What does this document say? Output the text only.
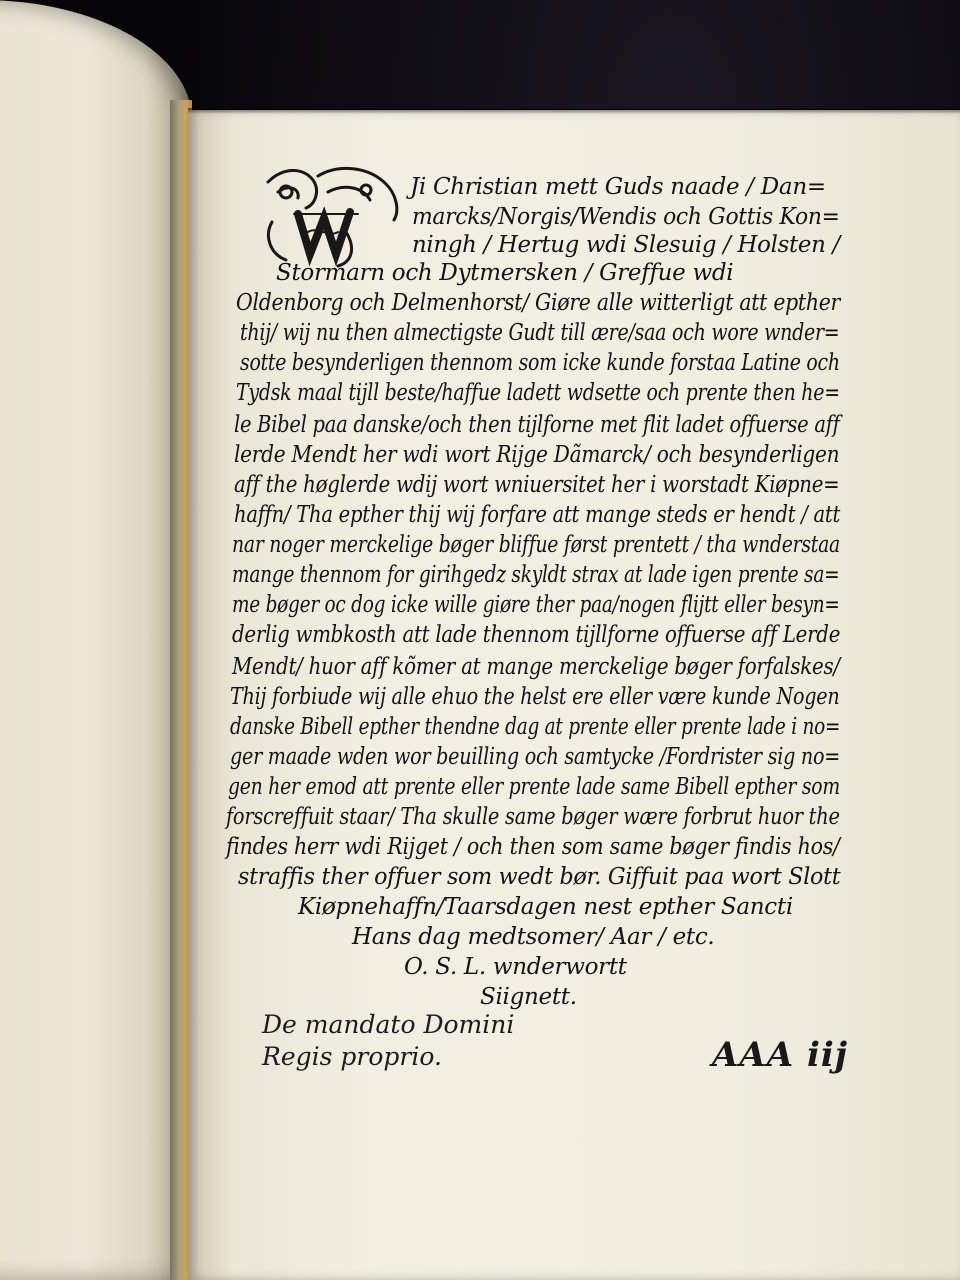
Ji Christian mett Guds naade / Dan=
marcks/Norgis/Wendis och Gottis Kon=
ningh / Hertug wdi Slesuig / Holsten /
Stormarn och Dytmersken / Greffue wdi
Oldenborg och Delmenhorst/ Giøre alle witterligt att epther
thij/ wij nu then almectigste Gudt till ære/saa och wore wnder=
sotte besynderligen thennom som icke kunde forstaa Latine och
Tydsk maal tijll beste/haffue ladett wdsette och prente then he=
le Bibel paa danske/och then tijlforne met flit ladet offuerse aff
lerde Mendt her wdi wort Rijge Dãmarck/ och besynderligen
aff the høglerde wdij wort wniuersitet her i worstadt Kiøpne=
haffn/ Tha epther thij wij forfare att mange steds er hendt / att
nar noger merckelige bøger bliffue først prentett / tha wnderstaa
mange thennom for girihgedz skyldt strax at lade igen prente sa=
me bøger oc dog icke wille giøre ther paa/nogen flijtt eller besyn=
derlig wmbkosth att lade thennom tijllforne offuerse aff Lerde
Mendt/ huor aff kõmer at mange merckelige bøger forfalskes/
Thij forbiude wij alle ehuo the helst ere eller være kunde Nogen
danske Bibell epther thendne dag at prente eller prente lade i no=
ger maade wden wor beuilling och samtycke /Fordrister sig no=
gen her emod att prente eller prente lade same Bibell epther som
forscreffuit staar/ Tha skulle same bøger wære forbrut huor the
findes herr wdi Rijget / och then som same bøger findis hos/
straffis ther offuer som wedt bør. Giffuit paa wort Slott
Kiøpnehaffn/Taarsdagen nest epther Sancti
Hans dag medtsomer/ Aar / etc.
O. S. L. wnderwortt
Siignett.
De mandato Domini
Regis proprio.	AAA iij
